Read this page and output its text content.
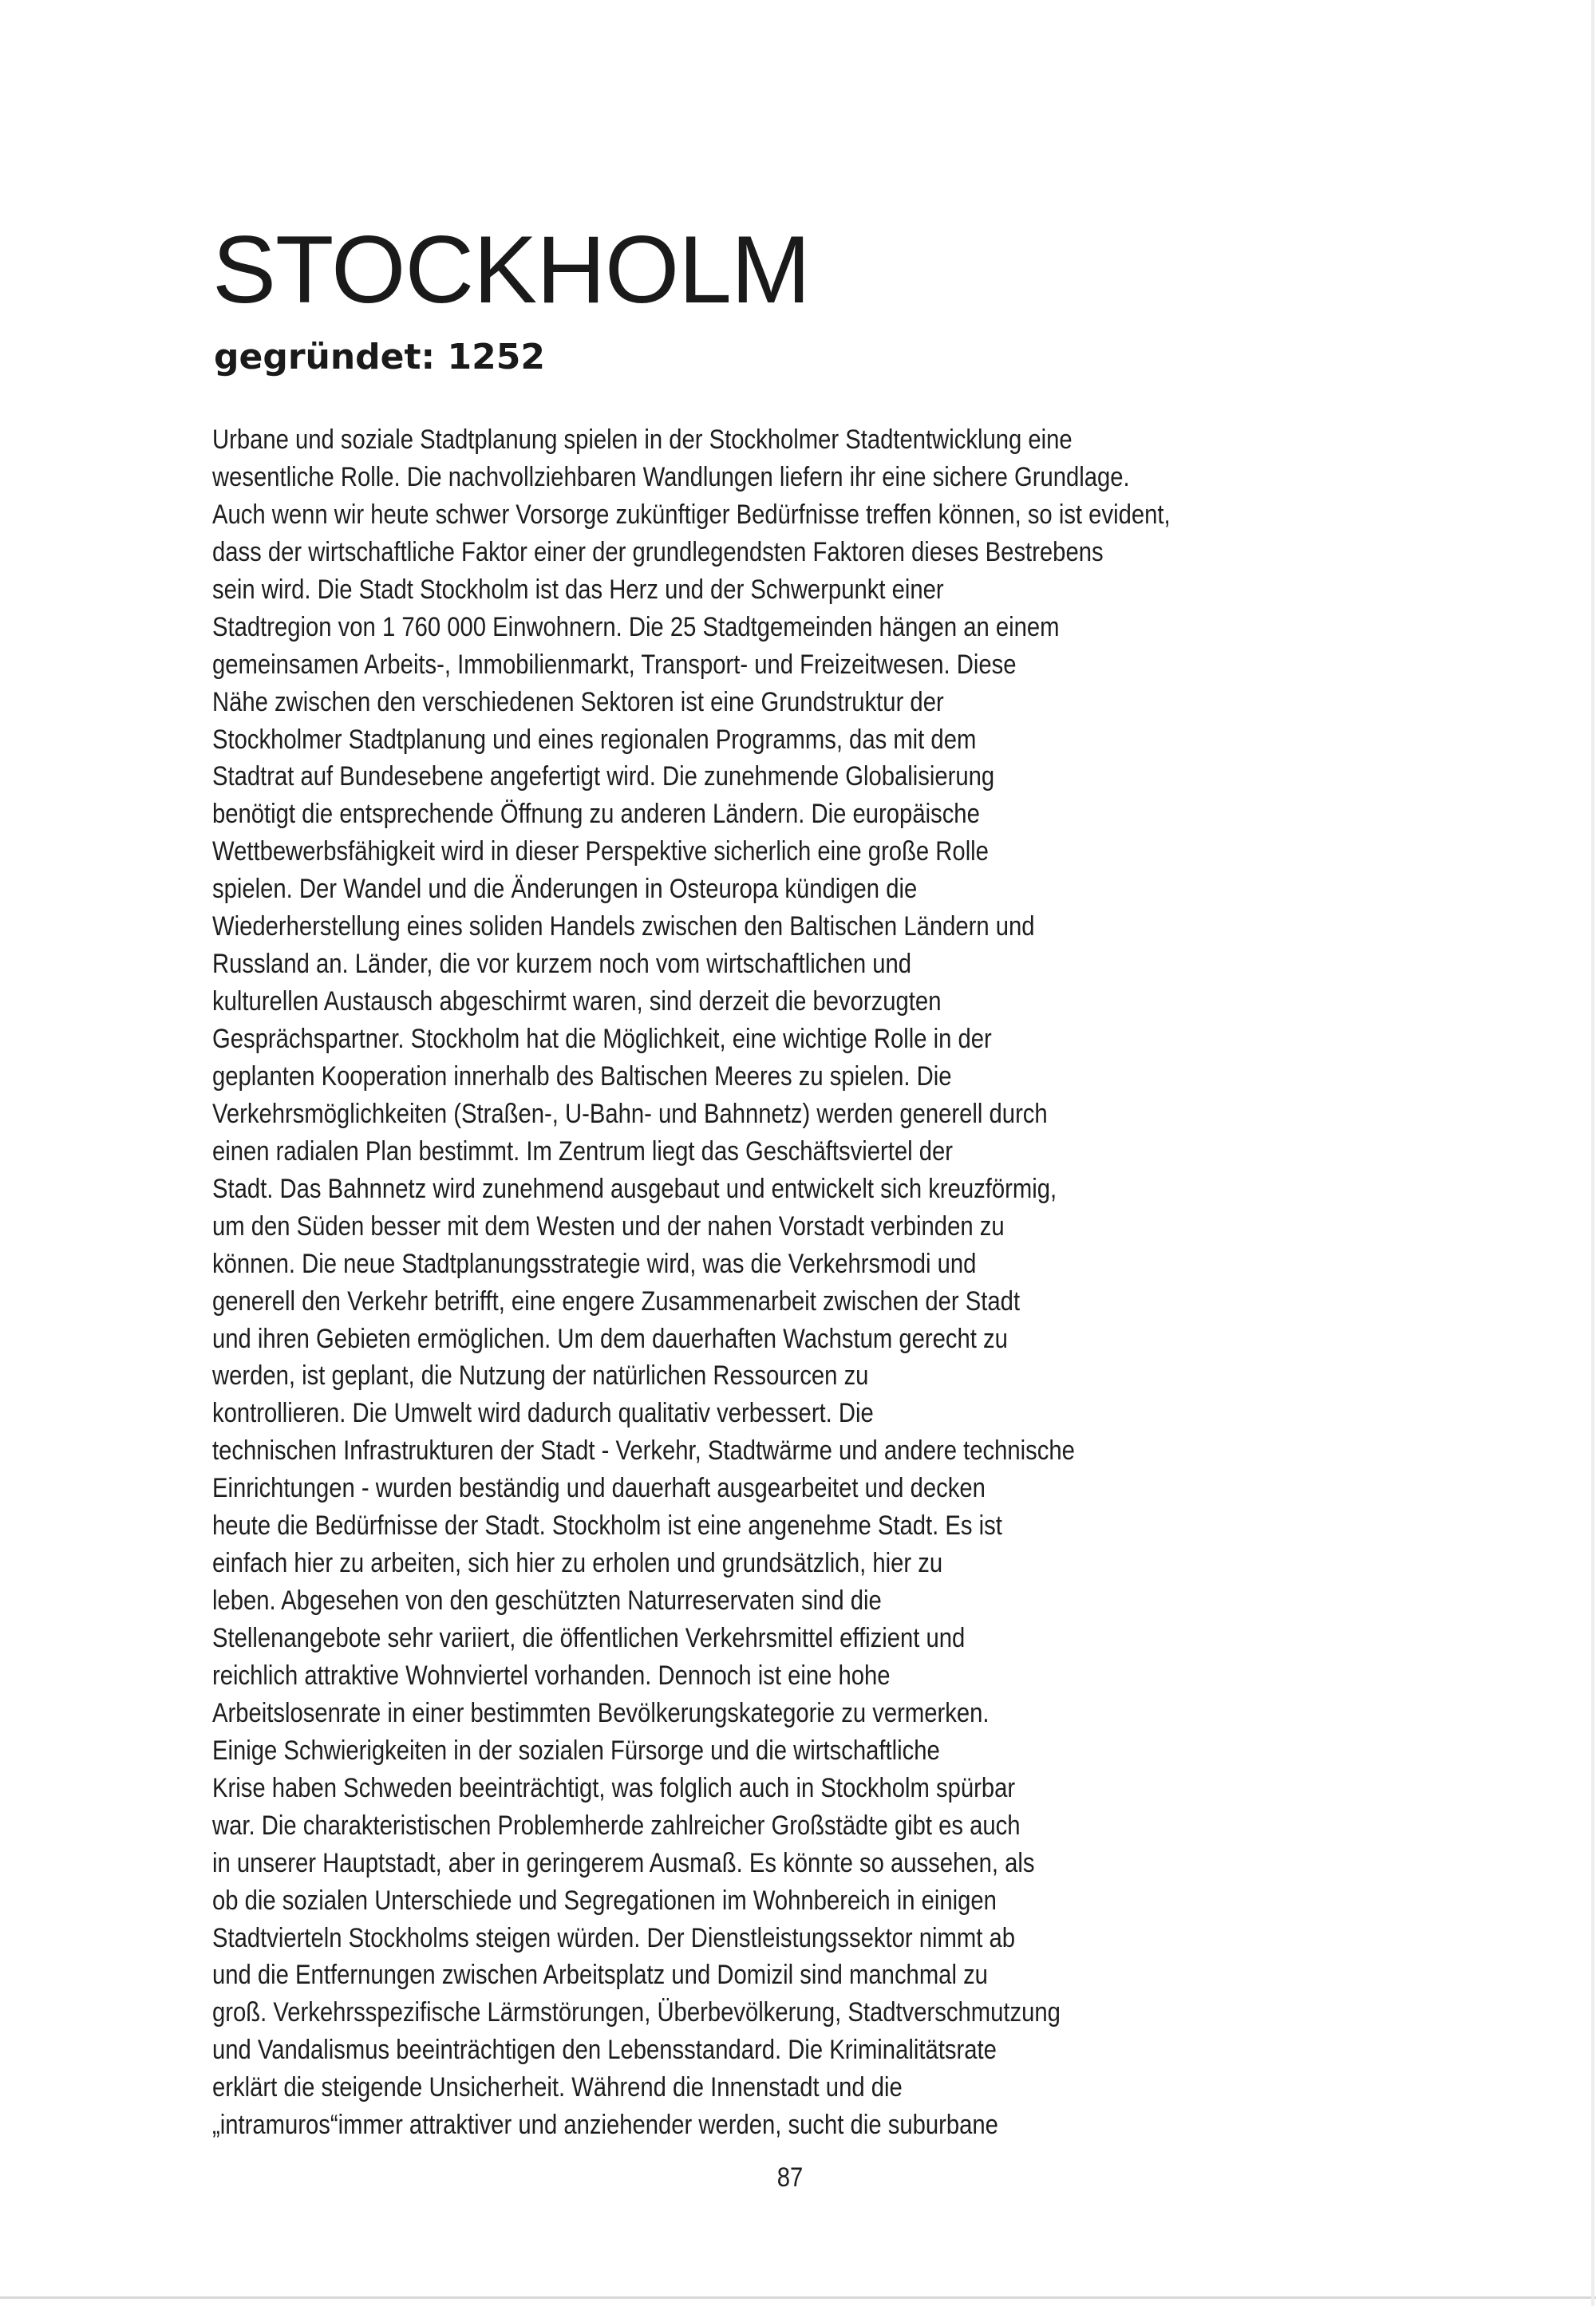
STOCKHOLM
gegründet: 1252
Urbane und soziale Stadtplanung spielen in der Stockholmer Stadtentwicklung eine
wesentliche Rolle. Die nachvollziehbaren Wandlungen liefern ihr eine sichere Grundlage.
Auch wenn wir heute schwer Vorsorge zukünftiger Bedürfnisse treffen können, so ist evident,
dass der wirtschaftliche Faktor einer der grundlegendsten Faktoren dieses Bestrebens
sein wird. Die Stadt Stockholm ist das Herz und der Schwerpunkt einer
Stadtregion von 1 760 000 Einwohnern. Die 25 Stadtgemeinden hängen an einem
gemeinsamen Arbeits-, Immobilienmarkt, Transport- und Freizeitwesen. Diese
Nähe zwischen den verschiedenen Sektoren ist eine Grundstruktur der
Stockholmer Stadtplanung und eines regionalen Programms, das mit dem
Stadtrat auf Bundesebene angefertigt wird. Die zunehmende Globalisierung
benötigt die entsprechende Öffnung zu anderen Ländern. Die europäische
Wettbewerbsfähigkeit wird in dieser Perspektive sicherlich eine große Rolle
spielen. Der Wandel und die Änderungen in Osteuropa kündigen die
Wiederherstellung eines soliden Handels zwischen den Baltischen Ländern und
Russland an. Länder, die vor kurzem noch vom wirtschaftlichen und
kulturellen Austausch abgeschirmt waren, sind derzeit die bevorzugten
Gesprächspartner. Stockholm hat die Möglichkeit, eine wichtige Rolle in der
geplanten Kooperation innerhalb des Baltischen Meeres zu spielen. Die
Verkehrsmöglichkeiten (Straßen-, U-Bahn- und Bahnnetz) werden generell durch
einen radialen Plan bestimmt. Im Zentrum liegt das Geschäftsviertel der
Stadt. Das Bahnnetz wird zunehmend ausgebaut und entwickelt sich kreuzförmig,
um den Süden besser mit dem Westen und der nahen Vorstadt verbinden zu
können. Die neue Stadtplanungsstrategie wird, was die Verkehrsmodi und
generell den Verkehr betrifft, eine engere Zusammenarbeit zwischen der Stadt
und ihren Gebieten ermöglichen. Um dem dauerhaften Wachstum gerecht zu
werden, ist geplant, die Nutzung der natürlichen Ressourcen zu
kontrollieren. Die Umwelt wird dadurch qualitativ verbessert. Die
technischen Infrastrukturen der Stadt - Verkehr, Stadtwärme und andere technische
Einrichtungen - wurden beständig und dauerhaft ausgearbeitet und decken
heute die Bedürfnisse der Stadt. Stockholm ist eine angenehme Stadt. Es ist
einfach hier zu arbeiten, sich hier zu erholen und grundsätzlich, hier zu
leben. Abgesehen von den geschützten Naturreservaten sind die
Stellenangebote sehr variiert, die öffentlichen Verkehrsmittel effizient und
reichlich attraktive Wohnviertel vorhanden. Dennoch ist eine hohe
Arbeitslosenrate in einer bestimmten Bevölkerungskategorie zu vermerken.
Einige Schwierigkeiten in der sozialen Fürsorge und die wirtschaftliche
Krise haben Schweden beeinträchtigt, was folglich auch in Stockholm spürbar
war. Die charakteristischen Problemherde zahlreicher Großstädte gibt es auch
in unserer Hauptstadt, aber in geringerem Ausmaß. Es könnte so aussehen, als
ob die sozialen Unterschiede und Segregationen im Wohnbereich in einigen
Stadtvierteln Stockholms steigen würden. Der Dienstleistungssektor nimmt ab
und die Entfernungen zwischen Arbeitsplatz und Domizil sind manchmal zu
groß. Verkehrsspezifische Lärmstörungen, Überbevölkerung, Stadtverschmutzung
und Vandalismus beeinträchtigen den Lebensstandard. Die Kriminalitätsrate
erklärt die steigende Unsicherheit. Während die Innenstadt und die
„intramuros“immer attraktiver und anziehender werden, sucht die suburbane
87
